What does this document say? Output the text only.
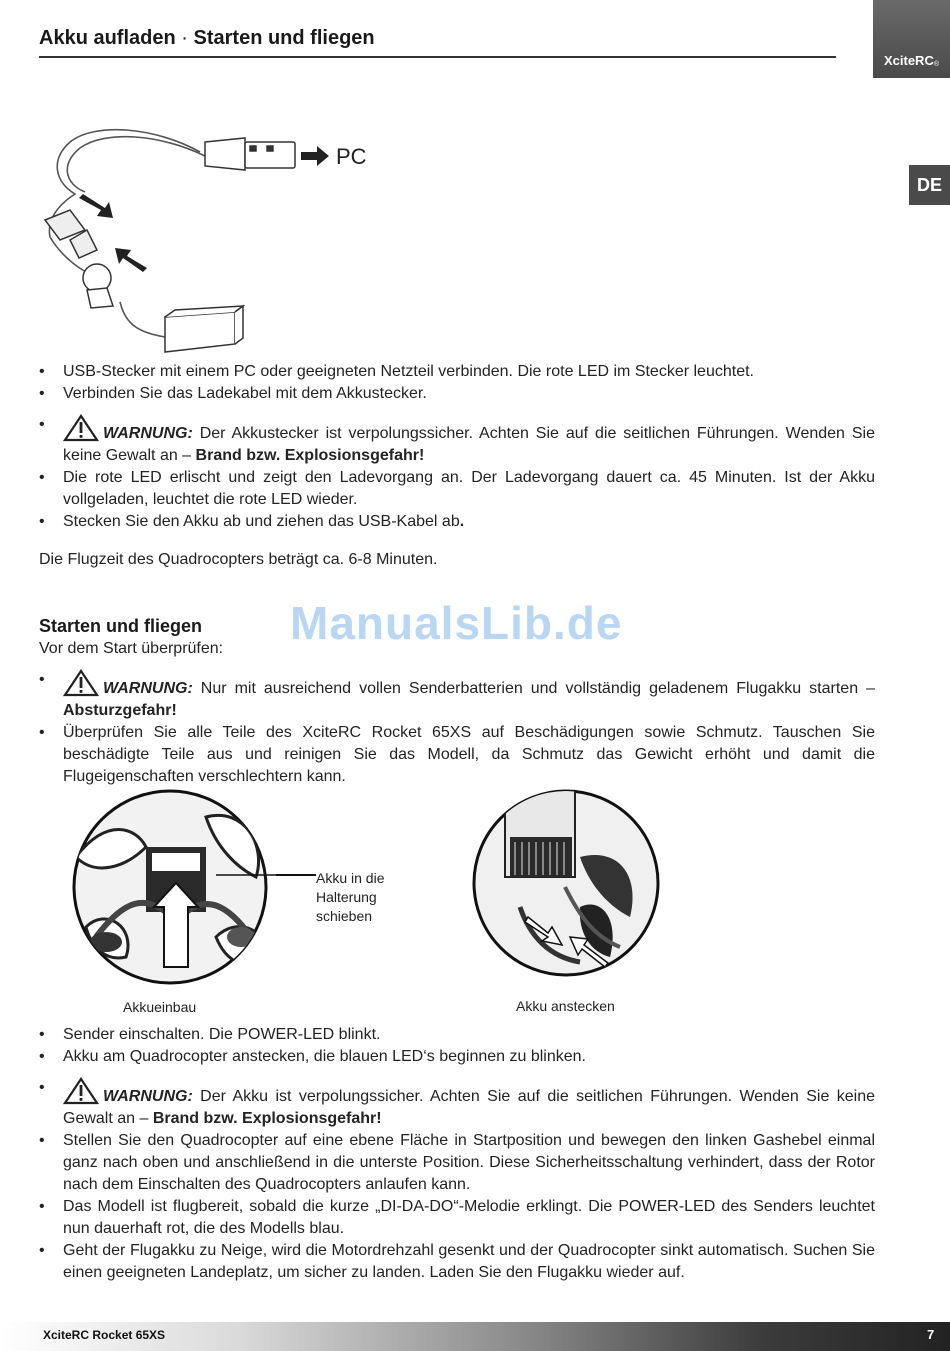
Akku aufladen · Starten und fliegen
XciteRC$_®$
DE
PC
• USB-Stecker mit einem PC oder geeigneten Netzteil verbinden. Die rote LED im Stecker leuchtet.
• Verbinden Sie das Ladekabel mit dem Akkustecker.
• WARNUNG: Der Akkustecker ist verpolungssicher. Achten Sie auf die seitlichen Führungen. Wenden Sie keine Gewalt an – Brand bzw. Explosionsgefahr!
• Die rote LED erlischt und zeigt den Ladevorgang an. Der Ladevorgang dauert ca. 45 Minuten. Ist der Akku vollgeladen, leuchtet die rote LED wieder.
• Stecken Sie den Akku ab und ziehen das USB-Kabel ab.
Die Flugzeit des Quadrocopters beträgt ca. 6-8 Minuten.
ManualsLib.de
Starten und fliegen
Vor dem Start überprüfen:
• WARNUNG: Nur mit ausreichend vollen Senderbatterien und vollständig geladenem Flugakku starten – Absturzgefahr!
• Überprüfen Sie alle Teile des XciteRC Rocket 65XS auf Beschädigungen sowie Schmutz. Tauschen Sie beschädigte Teile aus und reinigen Sie das Modell, da Schmutz das Gewicht erhöht und damit die Flugeigenschaften verschlechtern kann.
Akku in die Halterung schieben
Akkueinbau	Akku anstecken
• Sender einschalten. Die POWER-LED blinkt.
• Akku am Quadrocopter anstecken, die blauen LED‘s beginnen zu blinken.
• WARNUNG: Der Akku ist verpolungssicher. Achten Sie auf die seitlichen Führungen. Wenden Sie keine Gewalt an – Brand bzw. Explosionsgefahr!
• Stellen Sie den Quadrocopter auf eine ebene Fläche in Startposition und bewegen den linken Gashebel einmal ganz nach oben und anschließend in die unterste Position. Diese Sicherheitsschaltung verhindert, dass der Rotor nach dem Einschalten des Quadrocopters anlaufen kann.
• Das Modell ist flugbereit, sobald die kurze „DI-DA-DO“-Melodie erklingt. Die POWER-LED des Senders leuchtet nun dauerhaft rot, die des Modells blau.
• Geht der Flugakku zu Neige, wird die Motordrehzahl gesenkt und der Quadrocopter sinkt automatisch. Suchen Sie einen geeigneten Landeplatz, um sicher zu landen. Laden Sie den Flugakku wieder auf.
XciteRC Rocket 65XS	7
